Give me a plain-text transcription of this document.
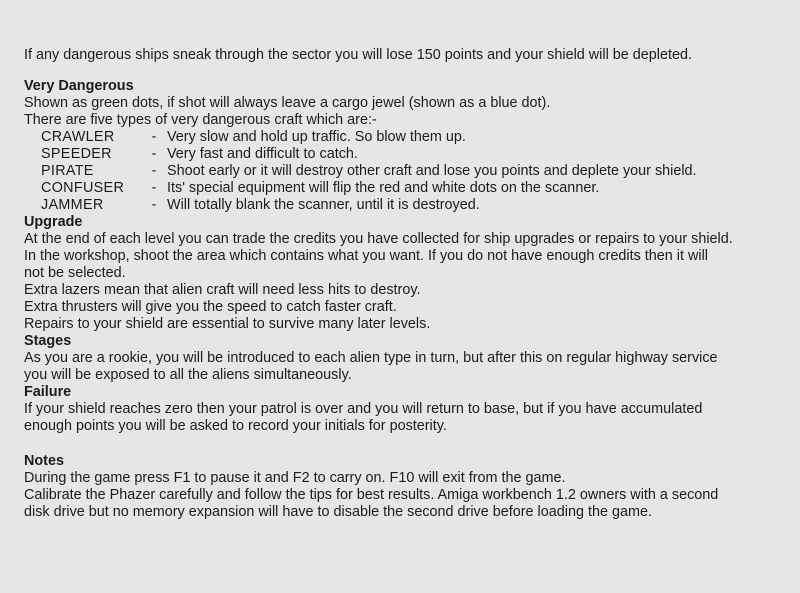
If any dangerous ships sneak through the sector you will lose 150 points and your shield will be depleted.

Very Dangerous

Shown as green dots, if shot will always leave a cargo jewel (shown as a blue dot).

There are five types of very dangerous craft which are:-

CRAWLER	- Very slow and hold up traffic. So blow them up.
SPEEDER	- Very fast and difficult to catch.
PIRATE	- Shoot early or it will destroy other craft and lose you points and deplete your shield.
CONFUSER	- Its' special equipment will flip the red and white dots on the scanner.
JAMMER	- Will totally blank the scanner, until it is destroyed.

Upgrade

At the end of each level you can trade the credits you have collected for ship upgrades or repairs to your shield.

In the workshop, shoot the area which contains what you want. If you do not have enough credits then it will

not be selected.

Extra lazers mean that alien craft will need less hits to destroy.

Extra thrusters will give you the speed to catch faster craft.

Repairs to your shield are essential to survive many later levels.

Stages

As you are a rookie, you will be introduced to each alien type in turn, but after this on regular highway service

you will be exposed to all the aliens simultaneously.

Failure

If your shield reaches zero then your patrol is over and you will return to base, but if you have accumulated

enough points you will be asked to record your initials for posterity.

Notes

During the game press F1 to pause it and F2 to carry on. F10 will exit from the game.

Calibrate the Phazer carefully and follow the tips for best results. Amiga workbench 1.2 owners with a second

disk drive but no memory expansion will have to disable the second drive before loading the game.
